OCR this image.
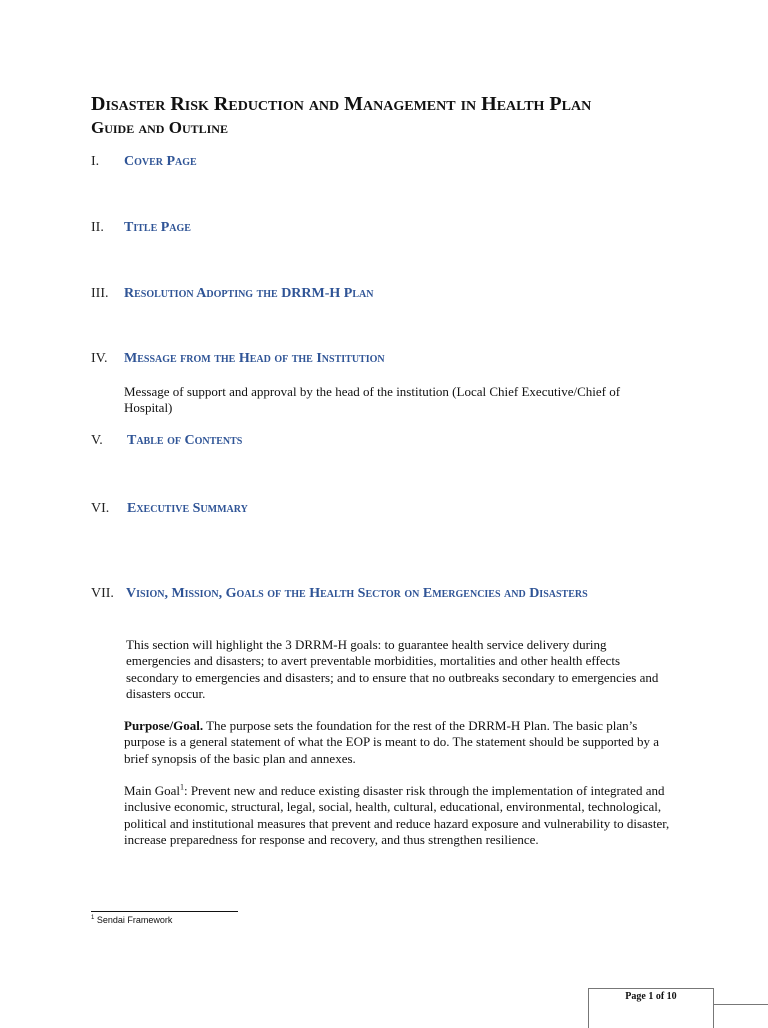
Disaster Risk Reduction and Management in Health Plan
Guide and Outline
I. Cover Page
II. Title Page
III. Resolution Adopting the DRRM-H Plan
IV. Message from the Head of the Institution
Message of support and approval by the head of the institution (Local Chief Executive/Chief of Hospital)
V. Table of Contents
VI. Executive Summary
VII. Vision, Mission, Goals of the Health Sector on Emergencies and Disasters
This section will highlight the 3 DRRM-H goals: to guarantee health service delivery during emergencies and disasters; to avert preventable morbidities, mortalities and other health effects secondary to emergencies and disasters; and to ensure that no outbreaks secondary to emergencies and disasters occur.
Purpose/Goal. The purpose sets the foundation for the rest of the DRRM-H Plan. The basic plan’s purpose is a general statement of what the EOP is meant to do. The statement should be supported by a brief synopsis of the basic plan and annexes.
Main Goal$^1$: Prevent new and reduce existing disaster risk through the implementation of integrated and inclusive economic, structural, legal, social, health, cultural, educational, environmental, technological, political and institutional measures that prevent and reduce hazard exposure and vulnerability to disaster, increase preparedness for response and recovery, and thus strengthen resilience.
$^1$ Sendai Framework
Page 1 of 10
